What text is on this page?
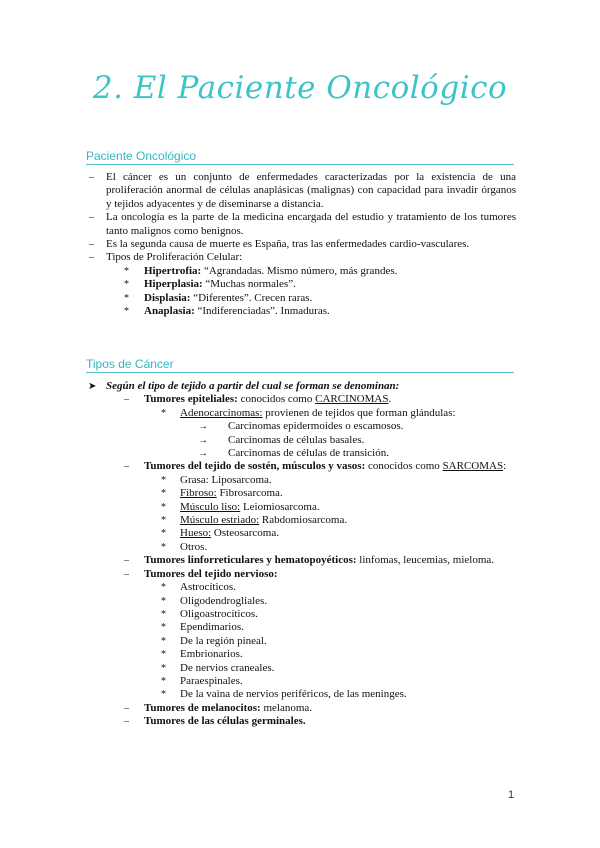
2. El Paciente Oncológico
Paciente Oncológico
– El cáncer es un conjunto de enfermedades caracterizadas por la existencia de una proliferación anormal de células anaplásicas (malignas) con capacidad para invadir órganos y tejidos adyacentes y de diseminarse a distancia.
– La oncología es la parte de la medicina encargada del estudio y tratamiento de los tumores tanto malignos como benignos.
– Es la segunda causa de muerte es España, tras las enfermedades cardio-vasculares.
– Tipos de Proliferación Celular:
* Hipertrofia: “Agrandadas. Mismo número, más grandes.
* Hiperplasia: “Muchas normales”.
* Displasia: “Diferentes”. Crecen raras.
* Anaplasia: “Indiferenciadas”. Inmaduras.
Tipos de Cáncer
➤ Según el tipo de tejido a partir del cual se forman se denominan:
– Tumores epiteliales: conocidos como CARCINOMAS.
* Adenocarcinomas: provienen de tejidos que forman glándulas:
→ Carcinomas epidermoides o escamosos.
→ Carcinomas de células basales.
→ Carcinomas de células de transición.
– Tumores del tejido de sostén, músculos y vasos: conocidos como SARCOMAS:
* Grasa: Liposarcoma.
* Fibroso: Fibrosarcoma.
* Músculo liso: Leiomiosarcoma.
* Músculo estriado: Rabdomiosarcoma.
* Hueso: Osteosarcoma.
* Otros.
– Tumores linforreticulares y hematopoyéticos: linfomas, leucemias, mieloma.
– Tumores del tejido nervioso:
* Astrocíticos.
* Oligodendrogliales.
* Oligoastrocíticos.
* Ependimarios.
* De la región pineal.
* Embrionarios.
* De nervios craneales.
* Paraespinales.
* De la vaina de nervios periféricos, de las meninges.
– Tumores de melanocitos: melanoma.
– Tumores de las células germinales.
1
